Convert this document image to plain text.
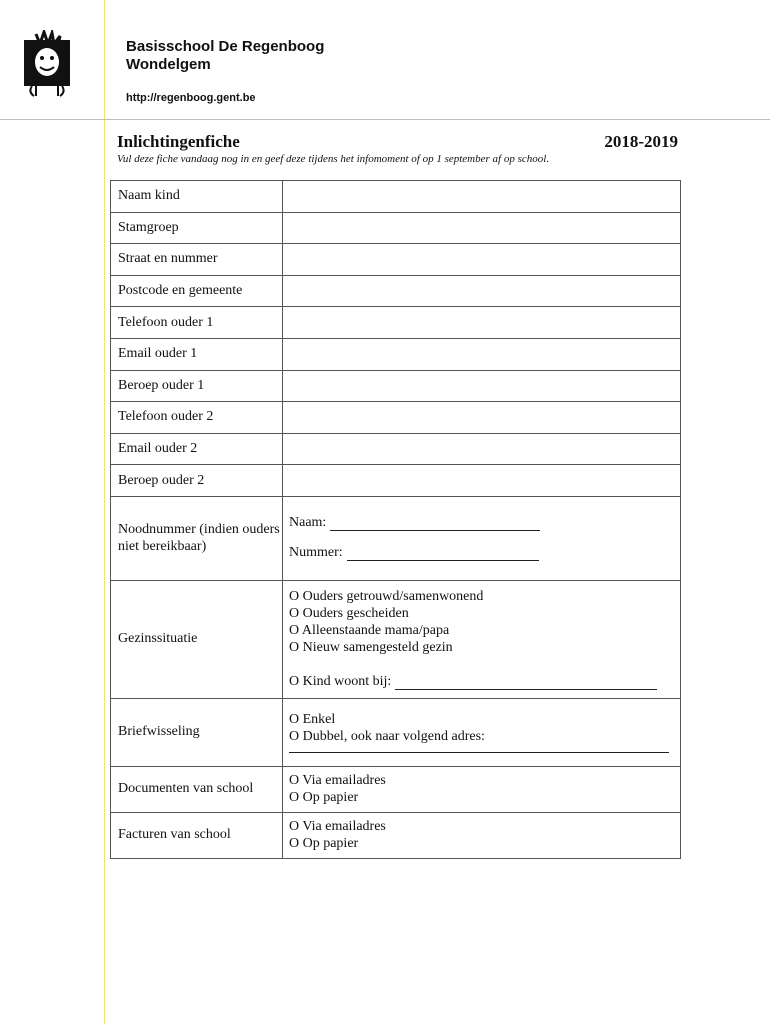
Basisschool De Regenboog
Wondelgem
http://regenboog.gent.be
Inlichtingenfiche	2018-2019
Vul deze fiche vandaag nog in en geef deze tijdens het infomoment of op 1 september af op school.
Naam kind	
Stamgroep	
Straat en nummer	
Postcode en gemeente	
Telefoon ouder 1	
Email ouder 1	
Beroep ouder 1	
Telefoon ouder 2	
Email ouder 2	
Beroep ouder 2	
Noodnummer (indien ouders niet bereikbaar)	Naam:
Nummer:

Gezinssituatie	O Ouders getrouwd/samenwonend
O Ouders gescheiden
O Alleenstaande mama/papa
O Nieuw samengesteld gezin
O Kind woont bij:

Briefwisseling	O Enkel
O Dubbel, ook naar volgend adres:

Documenten van school	O Via emailadres
O Op papier

Facturen van school	O Via emailadres
O Op papier
